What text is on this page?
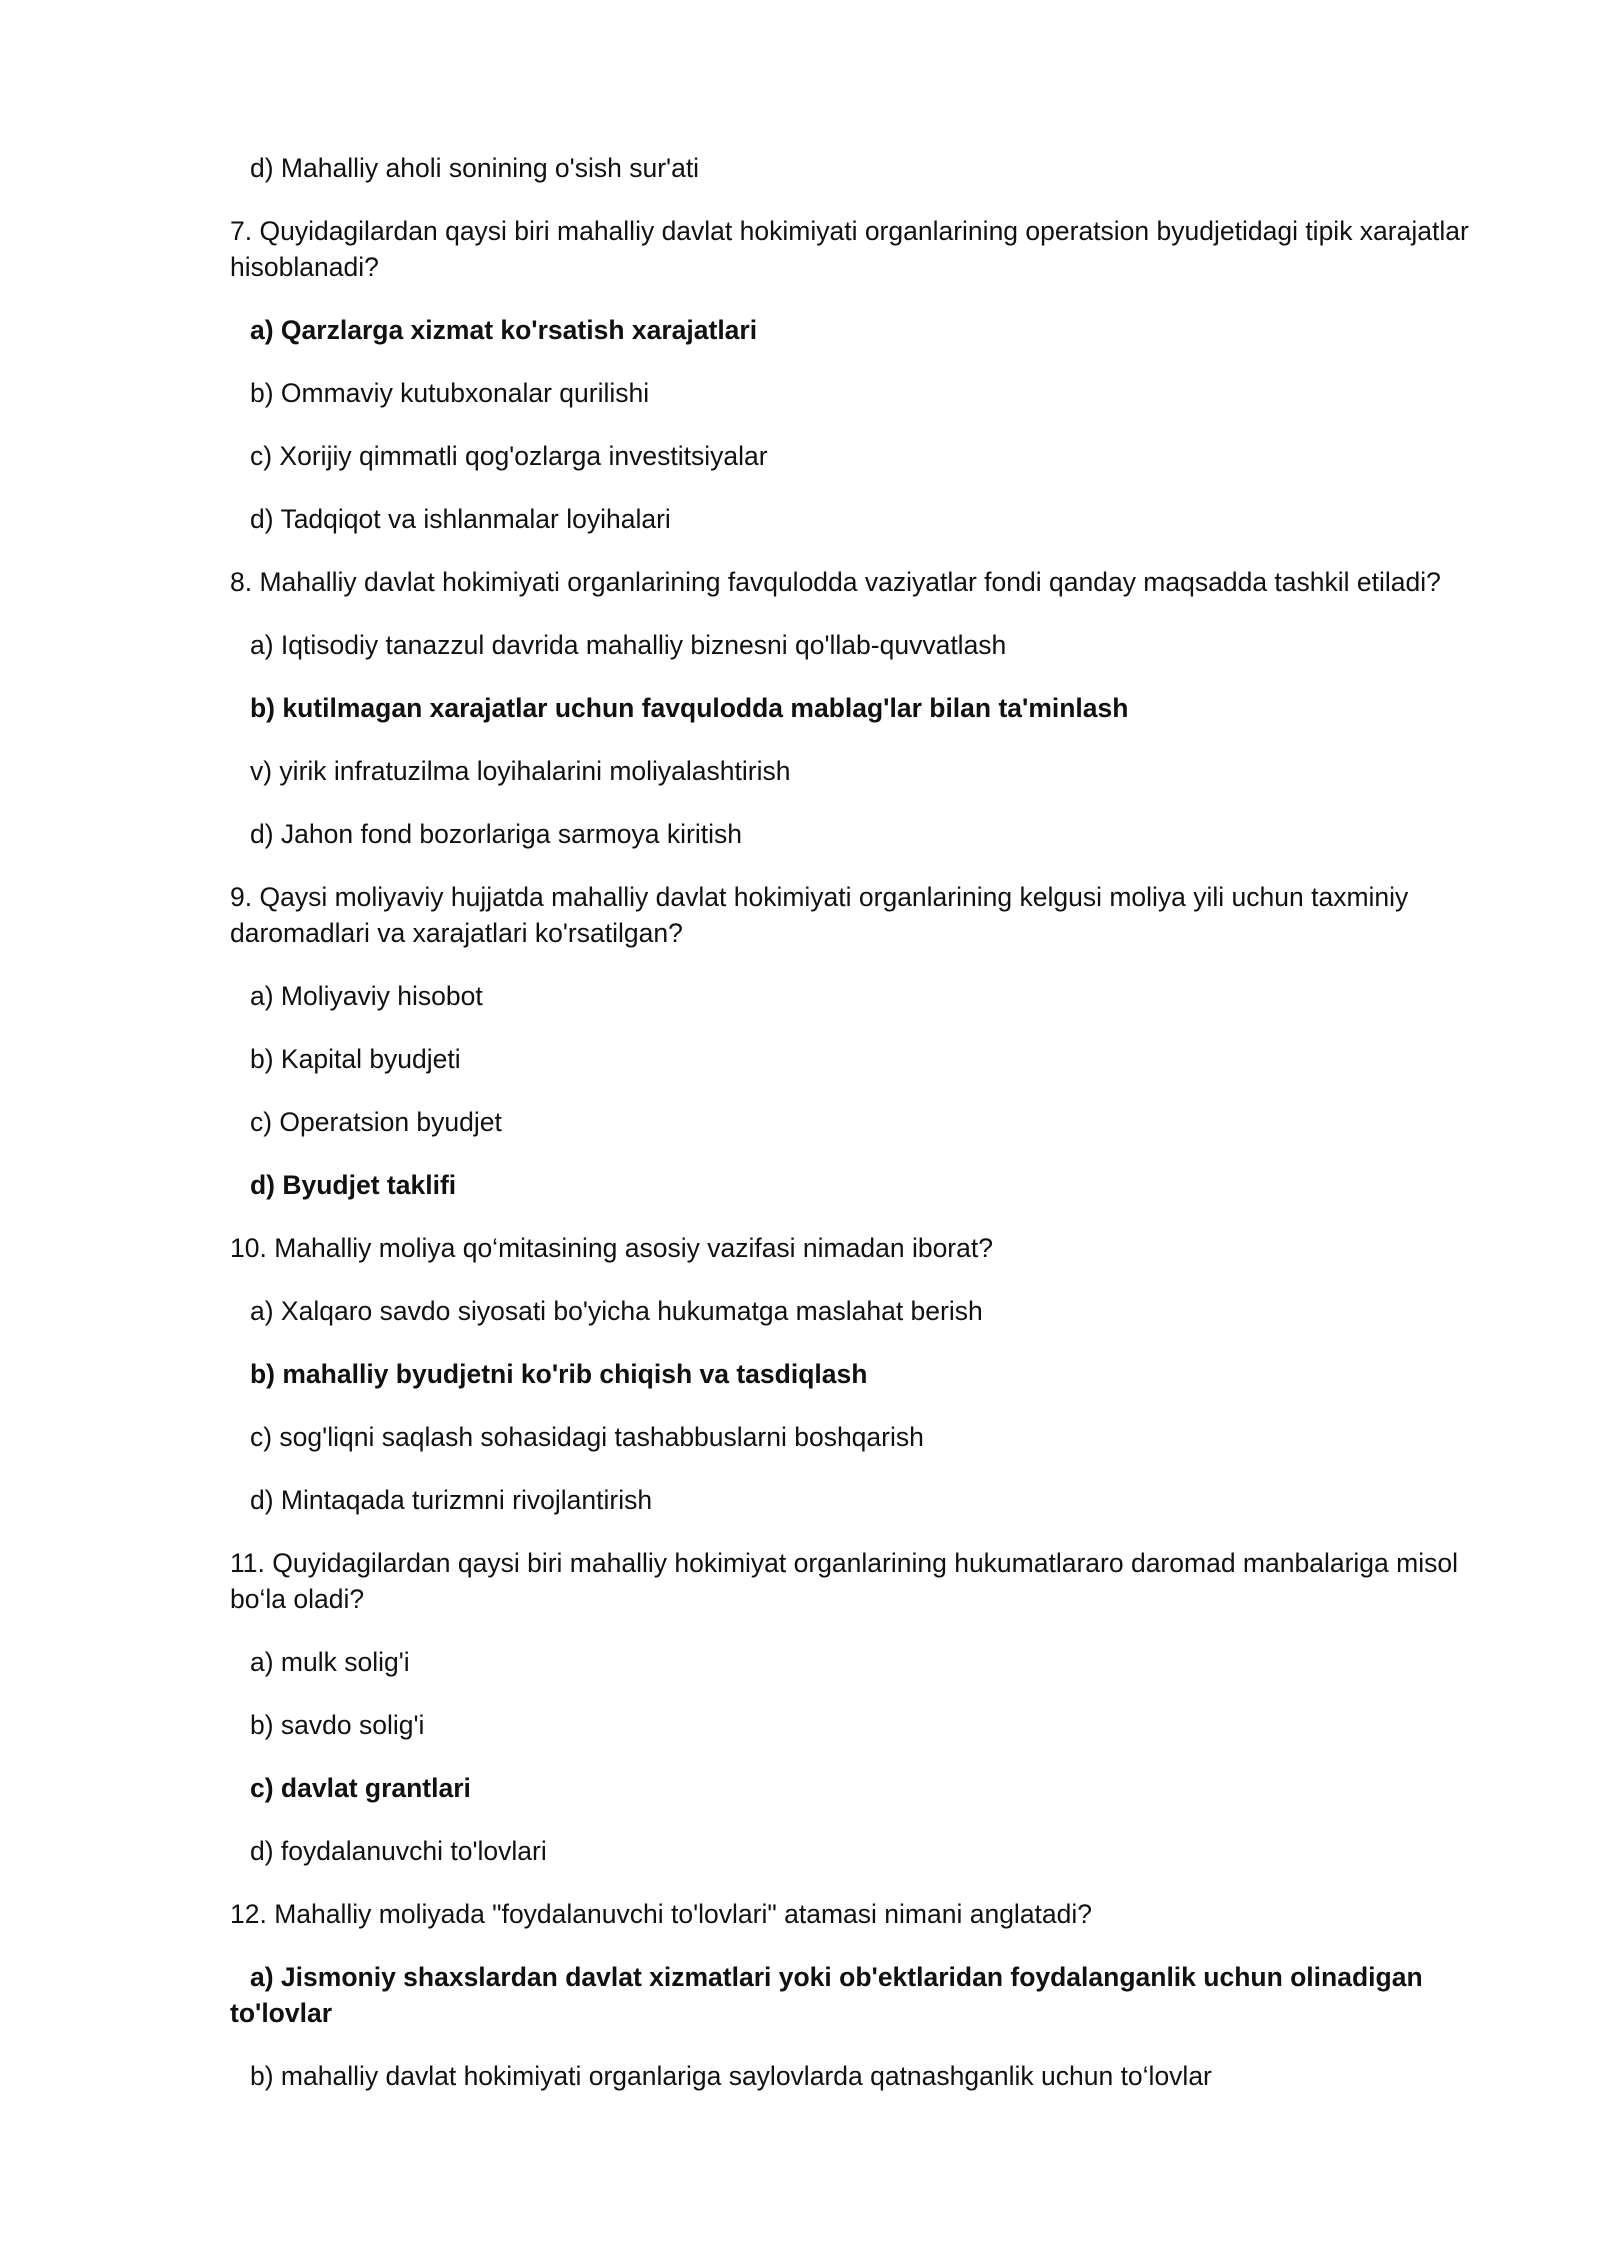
d) Mahalliy aholi sonining o'sish sur'ati

7. Quyidagilardan qaysi biri mahalliy davlat hokimiyati organlarining operatsion byudjetidagi tipik xarajatlar hisoblanadi?

a) Qarzlarga xizmat ko'rsatish xarajatlari

b) Ommaviy kutubxonalar qurilishi

c) Xorijiy qimmatli qog'ozlarga investitsiyalar

d) Tadqiqot va ishlanmalar loyihalari

8. Mahalliy davlat hokimiyati organlarining favqulodda vaziyatlar fondi qanday maqsadda tashkil etiladi?

a) Iqtisodiy tanazzul davrida mahalliy biznesni qo'llab-quvvatlash

b) kutilmagan xarajatlar uchun favqulodda mablag'lar bilan ta'minlash

v) yirik infratuzilma loyihalarini moliyalashtirish

d) Jahon fond bozorlariga sarmoya kiritish

9. Qaysi moliyaviy hujjatda mahalliy davlat hokimiyati organlarining kelgusi moliya yili uchun taxminiy daromadlari va xarajatlari ko'rsatilgan?

a) Moliyaviy hisobot

b) Kapital byudjeti

c) Operatsion byudjet

d) Byudjet taklifi

10. Mahalliy moliya qo‘mitasining asosiy vazifasi nimadan iborat?

a) Xalqaro savdo siyosati bo'yicha hukumatga maslahat berish

b) mahalliy byudjetni ko'rib chiqish va tasdiqlash

c) sog'liqni saqlash sohasidagi tashabbuslarni boshqarish

d) Mintaqada turizmni rivojlantirish

11. Quyidagilardan qaysi biri mahalliy hokimiyat organlarining hukumatlararo daromad manbalariga misol bo‘la oladi?

a) mulk solig'i

b) savdo solig'i

c) davlat grantlari

d) foydalanuvchi to'lovlari

12. Mahalliy moliyada "foydalanuvchi to'lovlari" atamasi nimani anglatadi?

a) Jismoniy shaxslardan davlat xizmatlari yoki ob'ektlaridan foydalanganlik uchun olinadigan to'lovlar

b) mahalliy davlat hokimiyati organlariga saylovlarda qatnashganlik uchun to‘lovlar
